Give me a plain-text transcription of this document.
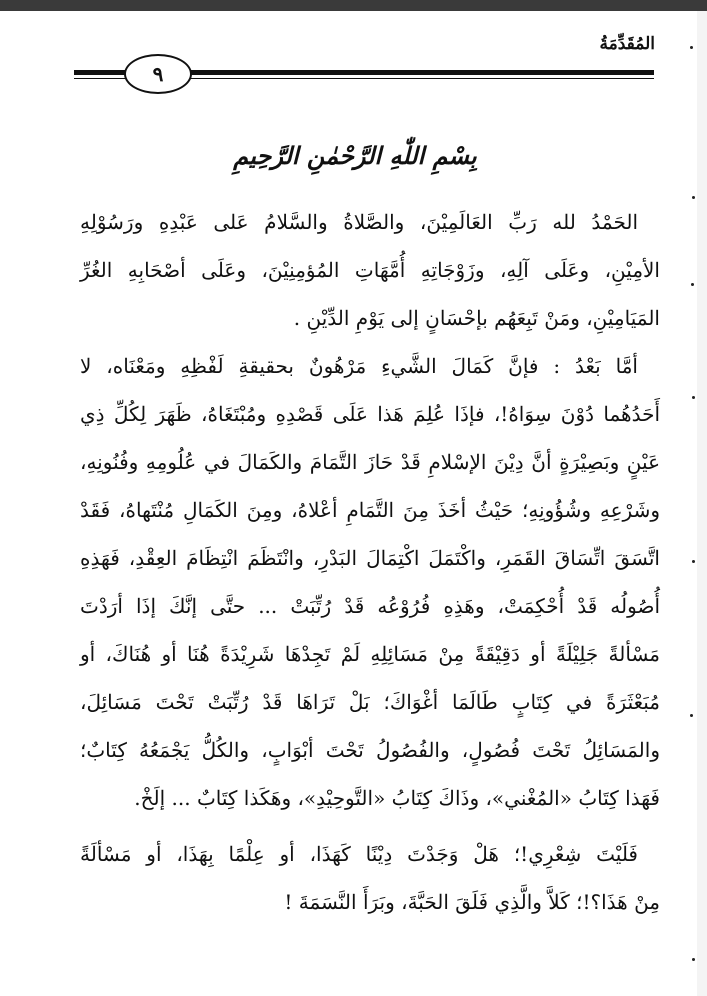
المُقَدِّمَةُ
٩
بِسْمِ اللّٰهِ الرَّحْمٰنِ الرَّحِيمِ
الحَمْدُ لله رَبِّ العَالَمِيْنَ، والصَّلاةُ والسَّلامُ عَلى عَبْدِهِ ورَسُوْلِهِ
الأمِيْنِ، وعَلَى آلِهِ، وزَوْجَاتِهِ أُمَّهَاتِ المُؤمِنِيْنَ، وعَلَى أصْحَابِهِ الغُرِّ
المَيَامِيْنِ، ومَنْ تَبِعَهُم بإحْسَانٍ إلى يَوْمِ الدِّيْنِ .
أمَّا بَعْدُ : فإنَّ كَمَالَ الشَّيءِ مَرْهُونٌ بحقيقةِ لَفْظِهِ ومَعْنَاه، لا
أَحَدُهُما دُوْنَ سِوَاهُ!، فإذَا عُلِمَ هَذا عَلَى قَصْدِهِ ومُبْتَغَاهُ، ظَهَرَ لِكُلِّ ذِي
عَيْنٍ وبَصِيْرَةٍ أنَّ دِيْنَ الإسْلامِ قَدْ حَازَ التَّمَامَ والكَمَالَ في عُلُومِهِ وفُنُونِهِ،
وشَرْعِهِ وشُؤُونِهِ؛ حَيْثُ أخَذَ مِنَ التَّمَامِ أعْلاهُ، ومِنَ الكَمَالِ مُنْتَهاهُ، فَقَدْ
اتَّسَقَ اتِّسَاقَ القَمَرِ، واكْتَمَلَ اكْتِمَالَ البَدْرِ، وانْتَظَمَ انْتِظَامَ العِقْدِ، فَهَذِهِ
أُصُولُه قَدْ أُحْكِمَتْ، وهَذِهِ فُرُوْعُه قَدْ رُتِّبَتْ ... حتَّى إنَّكَ إذَا أرَدْتَ
مَسْألةً جَلِيْلَةً أو دَقِيْقَةً مِنْ مَسَائِلِهِ لَمْ تَجِدْهَا شَرِيْدَةً هُنَا أو هُنَاكَ، أو
مُبَعْثَرَةً في كِتَابٍ طَالَمَا أغْوَاكَ؛ بَلْ تَرَاهَا قَدْ رُتِّبَتْ تَحْتَ مَسَائِلَ،
والمَسَائِلُ تَحْتَ فُصُولٍ، والفُصُولُ تَحْتَ أبْوَابٍ، والكُلُّ يَجْمَعُهُ كِتَابٌ؛
فَهَذا كِتَابُ «المُغْني»، وذَاكَ كِتَابُ «التَّوحِيْدِ»، وهَكَذا كِتَابٌ ... إلَخْ.
فَلَيْتَ شِعْرِي!؛ هَلْ وَجَدْتَ دِيْنًا كَهَذَا، أو عِلْمًا بِهَذَا، أو مَسْألَةً
مِنْ هَذَا؟!؛ كَلاَّ والَّذِي فَلَقَ الحَبَّةَ، وبَرَأَ النَّسَمَةَ !
